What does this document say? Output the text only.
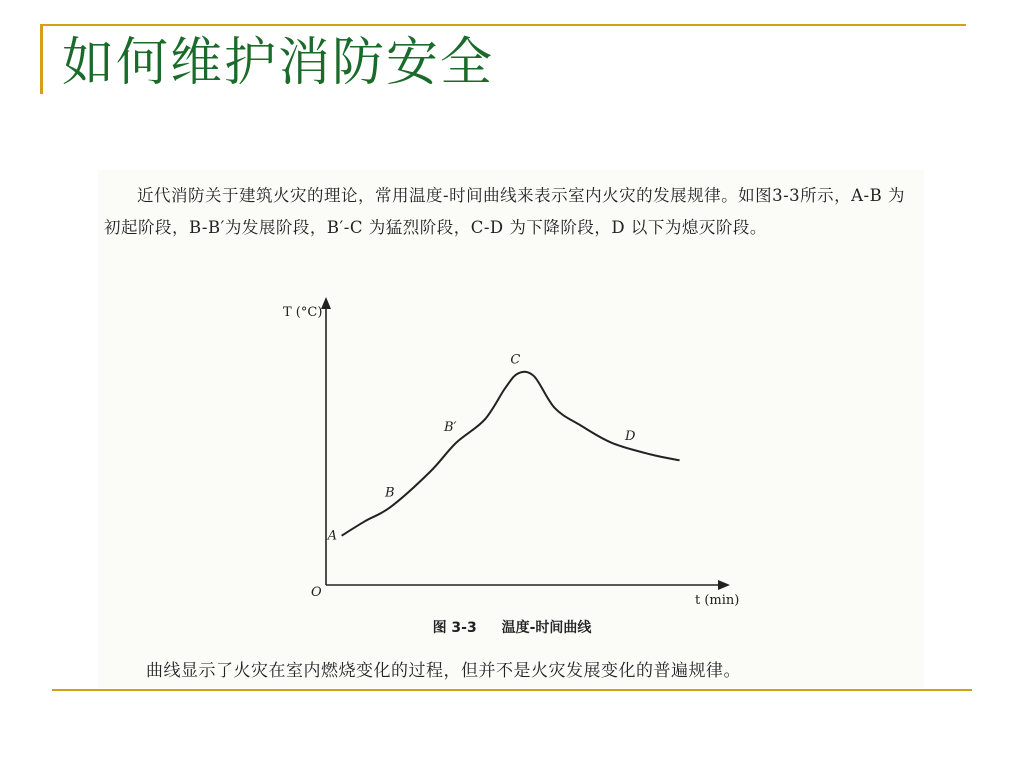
如何维护消防安全

近代消防关于建筑火灾的理论，常用温度-时间曲线来表示室内火灾的发展规律。如图3-3所示，A-B 为初起阶段，B-B′为发展阶段，B′-C 为猛烈阶段，C-D 为下降阶段，D 以下为熄灭阶段。

T (°C)
t (min)
O
A
B
B′
C
D
图 3-3 温度-时间曲线
曲线显示了火灾在室内燃烧变化的过程，但并不是火灾发展变化的普遍规律。
